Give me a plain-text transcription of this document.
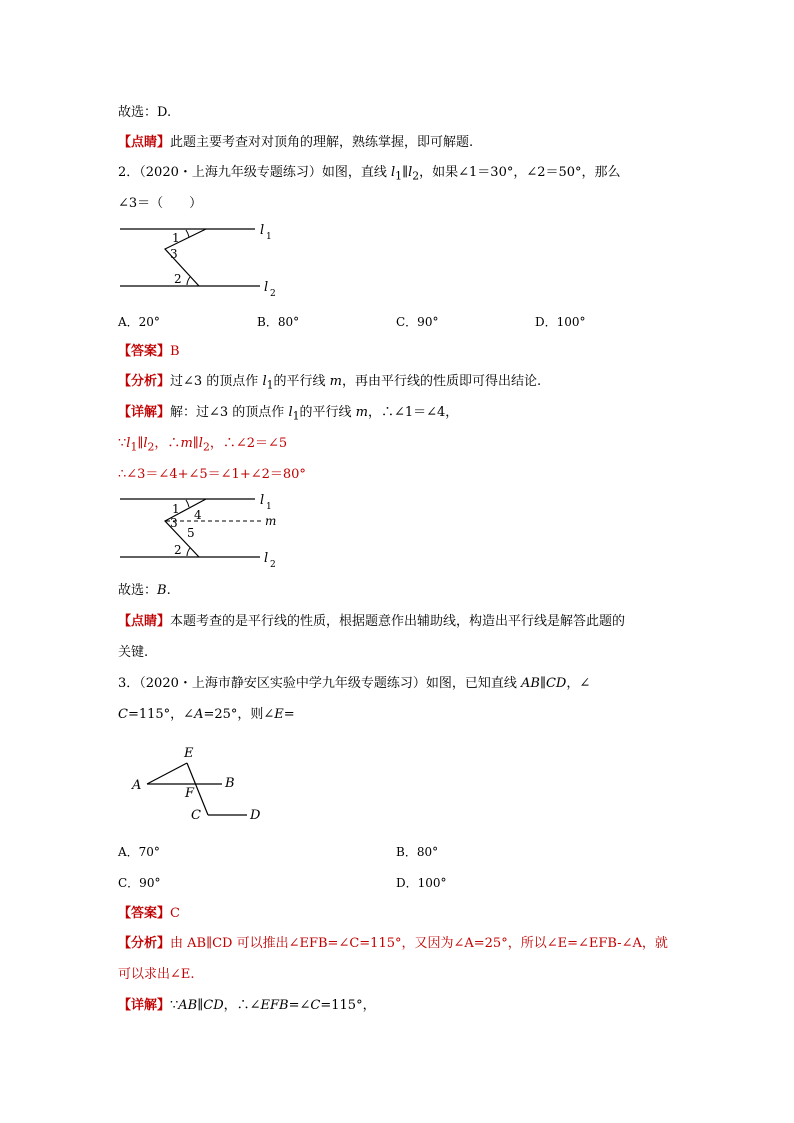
故选：D.
【点睛】此题主要考查对对顶角的理解，熟练掌握，即可解题.
2．（2020・上海九年级专题练习）如图，直线 $l_1\parallel l_2$，如果∠1＝30°，∠2＝50°，那么
∠3＝（　　）
1
3
2
l 1
l 2
A．20°	B．80°	C．90°	D．100°
【答案】B
【分析】过∠3 的顶点作 $l_1$的平行线 m，再由平行线的性质即可得出结论.
【详解】解：过∠3 的顶点作 $l_1$的平行线 m，∴∠1＝∠4，
$\because l_1\parallel l_2$，$\therefore m\parallel l_2$，∴∠2＝∠5
∴∠3＝∠4+∠5＝∠1+∠2＝80°
1 4
3
5
2
m
l 1
l 2
故选：B.
【点睛】本题考查的是平行线的性质，根据题意作出辅助线，构造出平行线是解答此题的
关键.
3．（2020・上海市静安区实验中学九年级专题练习）如图，已知直线 AB∥CD，∠
C=115°，∠A=25°，则∠E=
E
A
F
B
C	D
A．70°	B．80°
C．90°	D．100°
【答案】C
【分析】由 AB∥CD 可以推出∠EFB=∠C=115°，又因为∠A=25°，所以∠E=∠EFB-∠A，就
可以求出∠E.
【详解】∵AB∥CD，∴∠EFB=∠C=115°，
